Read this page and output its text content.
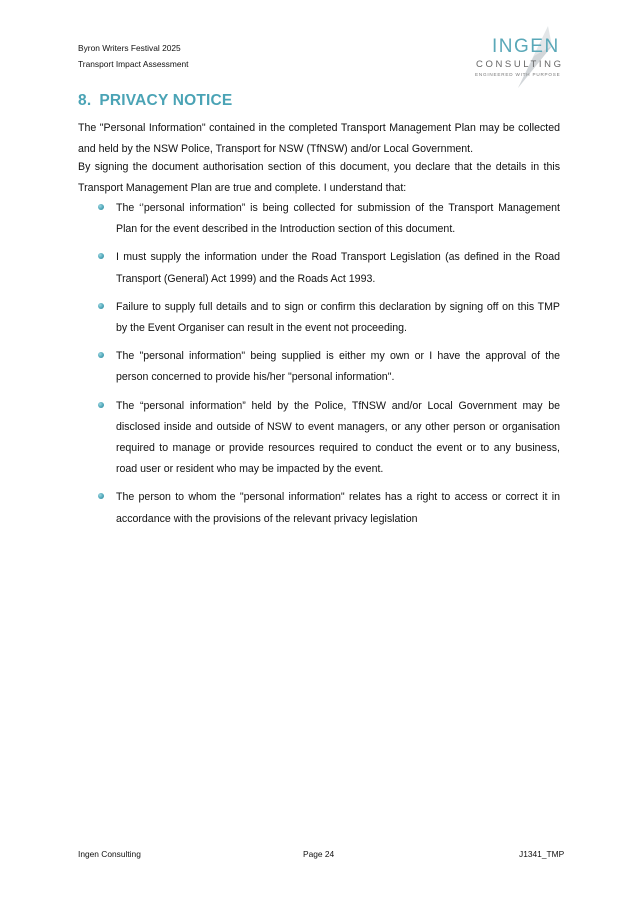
Byron Writers Festival 2025
Transport Impact Assessment
INGEN
CONSULTING
ENGINEERED WITH PURPOSE
8. PRIVACY NOTICE

The "Personal Information" contained in the completed Transport Management Plan may be collected and held by the NSW Police, Transport for NSW (TfNSW) and/or Local Government.

By signing the document authorisation section of this document, you declare that the details in this Transport Management Plan are true and complete. I understand that:

The ‘’personal information” is being collected for submission of the Transport Management Plan for the event described in the Introduction section of this document.
I must supply the information under the Road Transport Legislation (as defined in the Road Transport (General) Act 1999) and the Roads Act 1993.
Failure to supply full details and to sign or confirm this declaration by signing off on this TMP by the Event Organiser can result in the event not proceeding.
The "personal information" being supplied is either my own or I have the approval of the person concerned to provide his/her "personal information".
The “personal information” held by the Police, TfNSW and/or Local Government may be disclosed inside and outside of NSW to event managers, or any other person or organisation required to manage or provide resources required to conduct the event or to any business, road user or resident who may be impacted by the event.
The person to whom the "personal information" relates has a right to access or correct it in accordance with the provisions of the relevant privacy legislation
Ingen Consulting	Page 24	J1341_TMP
